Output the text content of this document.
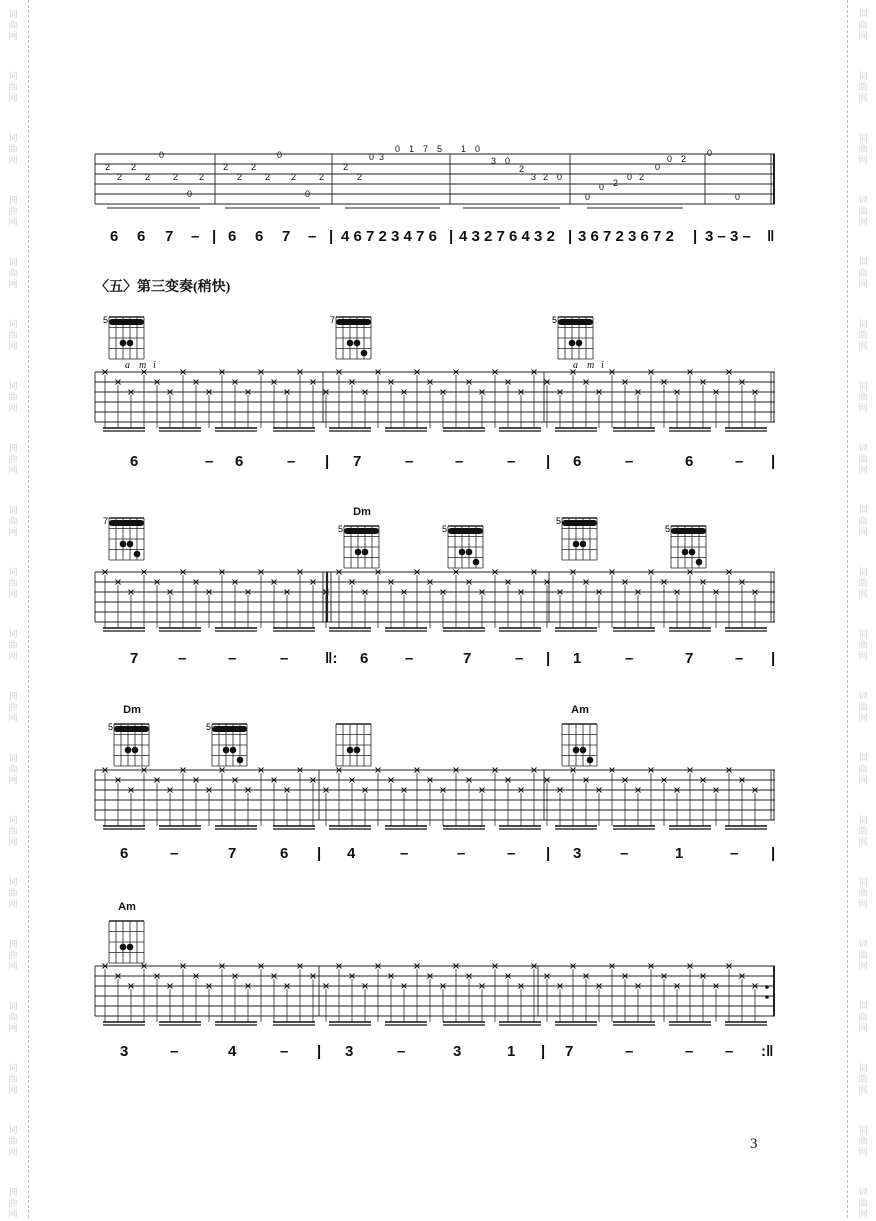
词
曲
网
词
曲
网
词
曲
网
词
曲
网
词
曲
网
词
曲
网
词
曲
网
词
曲
网
词
曲
网
词
曲
网
词
曲
网
词
曲
网
词
曲
网
词
曲
网
词
曲
网
词
曲
网
词
曲
网
词
曲
网
词
曲
网
词
曲
网
词
曲
网
词
曲
网
词
曲
网
词
曲
网
词
曲
网
词
曲
网
词
曲
网
词
曲
网
词
曲
网
词
曲
网
词
曲
网
词
曲
网
词
曲
网
词
曲
网
词
曲
网
词
曲
网
词
曲
网
词
曲
网
词
曲
网
词
曲
网
2
2
2
2
0
2
0
2
2
2
2
2
0
2
0
2
2
2
0 3
0 1 7 5 1 0
3 0
2
3 2 0
0
0 2
0 2
0
0 2
0
0
6 6 7 – | 6 6 7 – | 4 6 7 2 3 4 7 6 | 4 3 2 7 6 4 3 2 | 3 6 7 2 3 6 7 2 | 3 – 3 – ‖
〈五〉第三变奏(稍快)
5	7	5
a m i	a m i
6	– 6	– | 7	–	–	– | 6	–	6	– |
7
Dm
5	5
5
5
7	–	–	– ‖: 6 –	7	– | 1	–	7	– |
Dm
5	5
Am
6	–	7	6 | 4	–	–	– | 3	–	1	– |
Am
3	–	4	– | 3	–	3	1 | 7	–	– – :‖
3
